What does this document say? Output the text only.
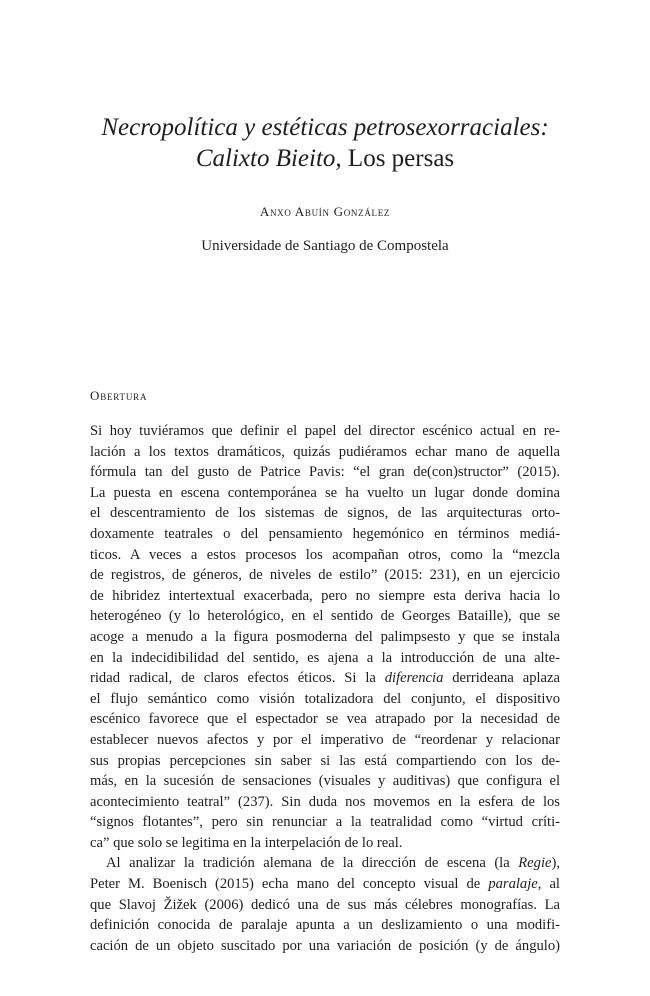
Necropolítica y estéticas petrosexorraciales:
Calixto Bieito, Los persas
Anxo Abuín González
Universidade de Santiago de Compostela
Obertura
Si hoy tuviéramos que definir el papel del director escénico actual en re-
lación a los textos dramáticos, quizás pudiéramos echar mano de aquella
fórmula tan del gusto de Patrice Pavis: “el gran de(con)structor” (2015).
La puesta en escena contemporánea se ha vuelto un lugar donde domina
el descentramiento de los sistemas de signos, de las arquitecturas orto-
doxamente teatrales o del pensamiento hegemónico en términos mediá-
ticos. A veces a estos procesos los acompañan otros, como la “mezcla
de registros, de géneros, de niveles de estilo” (2015: 231), en un ejercicio
de hibridez intertextual exacerbada, pero no siempre esta deriva hacia lo
heterogéneo (y lo heterológico, en el sentido de Georges Bataille), que se
acoge a menudo a la figura posmoderna del palimpsesto y que se instala
en la indecidibilidad del sentido, es ajena a la introducción de una alte-
ridad radical, de claros efectos éticos. Si la diferencia derrideana aplaza
el flujo semántico como visión totalizadora del conjunto, el dispositivo
escénico favorece que el espectador se vea atrapado por la necesidad de
establecer nuevos afectos y por el imperativo de “reordenar y relacionar
sus propias percepciones sin saber si las está compartiendo con los de-
más, en la sucesión de sensaciones (visuales y auditivas) que configura el
acontecimiento teatral” (237). Sin duda nos movemos en la esfera de los
“signos flotantes”, pero sin renunciar a la teatralidad como “virtud críti-
ca” que solo se legitima en la interpelación de lo real.
Al analizar la tradición alemana de la dirección de escena (la Regie),
Peter M. Boenisch (2015) echa mano del concepto visual de paralaje, al
que Slavoj Žižek (2006) dedicó una de sus más célebres monografías. La
definición conocida de paralaje apunta a un deslizamiento o una modifi-
cación de un objeto suscitado por una variación de posición (y de ángulo)
